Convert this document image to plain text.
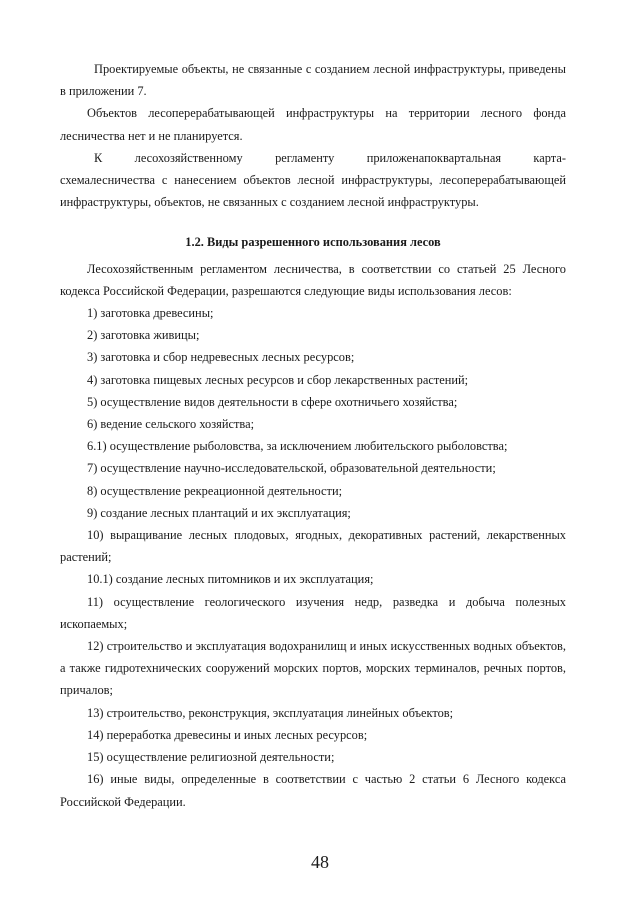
Проектируемые объекты, не связанные с созданием лесной инфраструктуры, приведены в приложении 7.

Объектов лесоперерабатывающей инфраструктуры на территории лесного фонда лесничества нет и не планируется.

К	лесохозяйственному	регламенту	приложенапоквартальная	карта-

схемалесничества с нанесением объектов лесной инфраструктуры, лесоперерабатывающей инфраструктуры, объектов, не связанных с созданием лесной инфраструктуры.

1.2. Виды разрешенного использования лесов

Лесохозяйственным регламентом лесничества, в соответствии со статьей 25 Лесного кодекса Российской Федерации, разрешаются следующие виды использования лесов:

1) заготовка древесины;

2) заготовка живицы;

3) заготовка и сбор недревесных лесных ресурсов;

4) заготовка пищевых лесных ресурсов и сбор лекарственных растений;

5) осуществление видов деятельности в сфере охотничьего хозяйства;

6) ведение сельского хозяйства;

6.1) осуществление рыболовства, за исключением любительского рыболовства;

7) осуществление научно-исследовательской, образовательной деятельности;

8) осуществление рекреационной деятельности;

9) создание лесных плантаций и их эксплуатация;

10) выращивание лесных плодовых, ягодных, декоративных растений, лекарственных растений;

10.1) создание лесных питомников и их эксплуатация;

11) осуществление геологического изучения недр, разведка и добыча полезных ископаемых;

12) строительство и эксплуатация водохранилищ и иных искусственных водных объектов, а также гидротехнических сооружений морских портов, морских терминалов, речных портов, причалов;

13) строительство, реконструкция, эксплуатация линейных объектов;

14) переработка древесины и иных лесных ресурсов;

15) осуществление религиозной деятельности;

16) иные виды, определенные в соответствии с частью 2 статьи 6 Лесного кодекса Российской Федерации.

48
